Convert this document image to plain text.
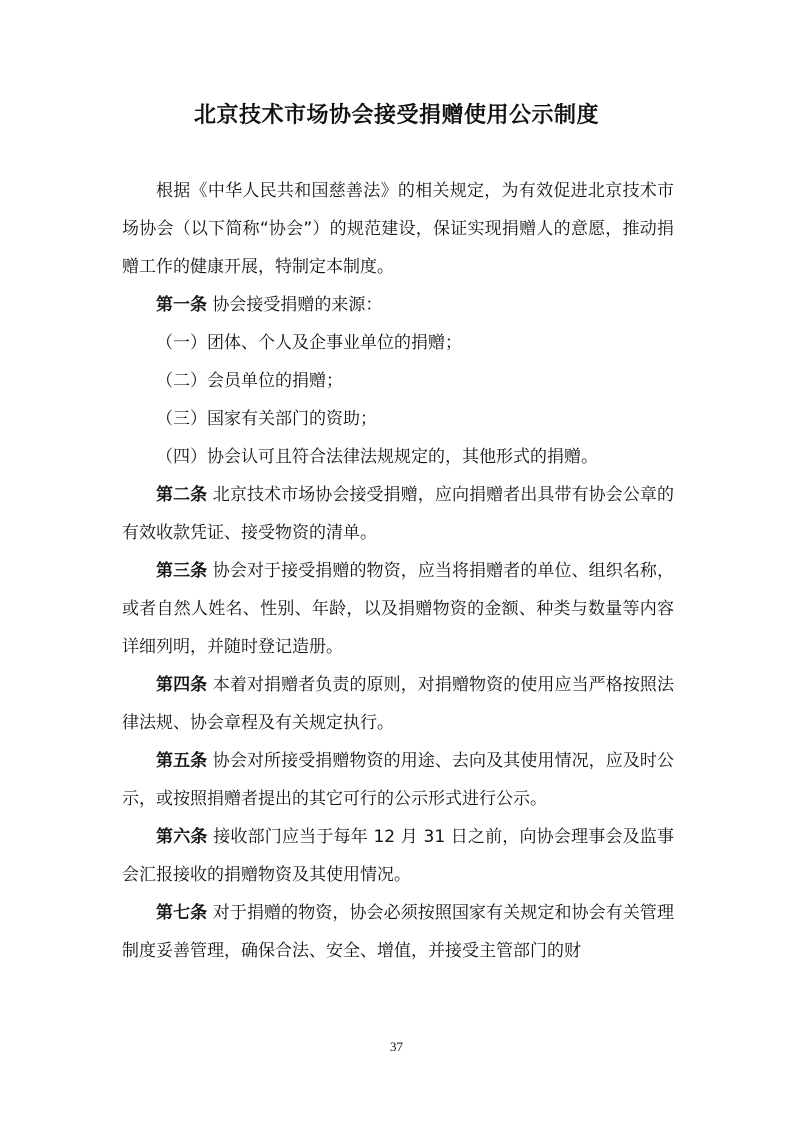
北京技术市场协会接受捐赠使用公示制度

根据《中华人民共和国慈善法》的相关规定，为有效促进北京技术市场协会（以下简称“协会”）的规范建设，保证实现捐赠人的意愿，推动捐赠工作的健康开展，特制定本制度。

第一条 协会接受捐赠的来源：

（一）团体、个人及企事业单位的捐赠；

（二）会员单位的捐赠；

（三）国家有关部门的资助；

（四）协会认可且符合法律法规规定的，其他形式的捐赠。

第二条 北京技术市场协会接受捐赠，应向捐赠者出具带有协会公章的有效收款凭证、接受物资的清单。

第三条 协会对于接受捐赠的物资，应当将捐赠者的单位、组织名称，或者自然人姓名、性别、年龄，以及捐赠物资的金额、种类与数量等内容详细列明，并随时登记造册。

第四条 本着对捐赠者负责的原则，对捐赠物资的使用应当严格按照法律法规、协会章程及有关规定执行。

第五条 协会对所接受捐赠物资的用途、去向及其使用情况，应及时公示，或按照捐赠者提出的其它可行的公示形式进行公示。

第六条 接收部门应当于每年 12 月 31 日之前，向协会理事会及监事会汇报接收的捐赠物资及其使用情况。

第七条 对于捐赠的物资，协会必须按照国家有关规定和协会有关管理制度妥善管理，确保合法、安全、增值，并接受主管部门的财

37
